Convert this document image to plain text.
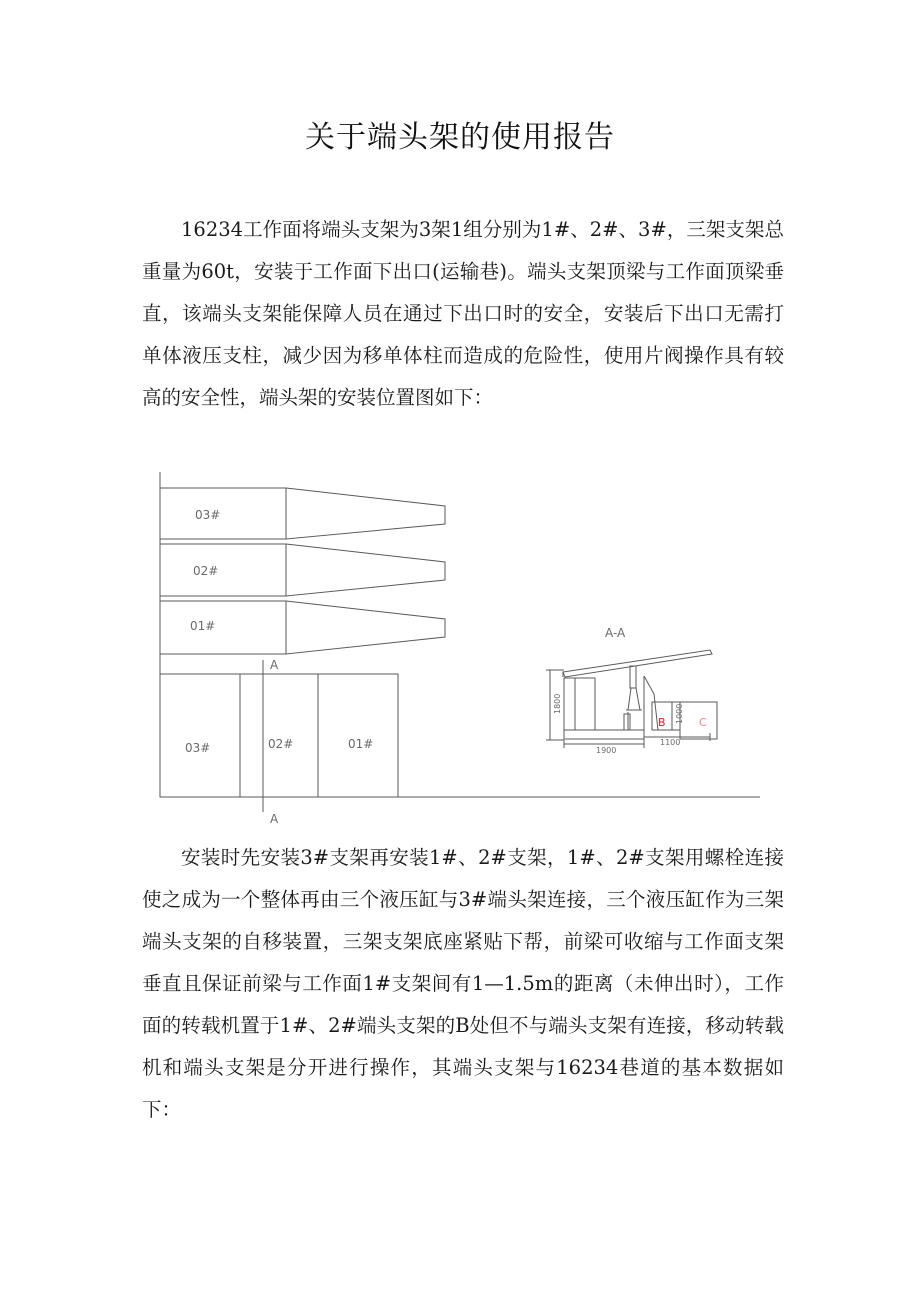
关于端头架的使用报告

16234工作面将端头支架为3架1组分别为1#、2#、3#，三架支架总重量为60t，安装于工作面下出口(运输巷)。端头支架顶梁与工作面顶梁垂直，该端头支架能保障人员在通过下出口时的安全，安装后下出口无需打单体液压支柱，减少因为移单体柱而造成的危险性，使用片阀操作具有较高的安全性，端头架的安装位置图如下：

03#
02#
01#
03#	02#	01#
A
A
A-A
1800	1000
1900
1100
B	C

安装时先安装3#支架再安装1#、2#支架，1#、2#支架用螺栓连接使之成为一个整体再由三个液压缸与3#端头架连接，三个液压缸作为三架端头支架的自移装置，三架支架底座紧贴下帮，前梁可收缩与工作面支架垂直且保证前梁与工作面1#支架间有1—1.5m的距离（未伸出时），工作面的转载机置于1#、2#端头支架的B处但不与端头支架有连接，移动转载机和端头支架是分开进行操作，其端头支架与16234巷道的基本数据如下：
